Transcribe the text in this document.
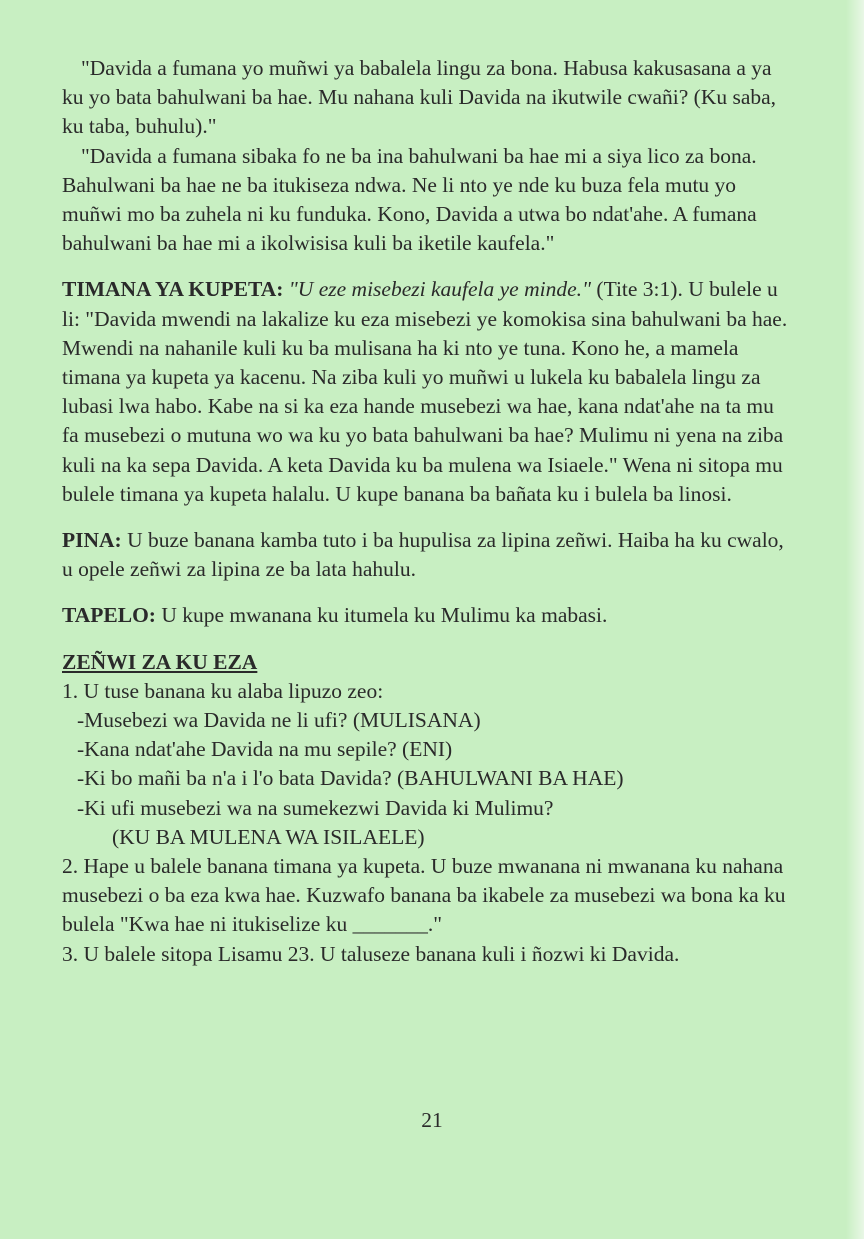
"Davida a fumana yo muñwi ya babalela lingu za bona. Habusa kakusasana a ya ku yo bata bahulwani ba hae. Mu nahana kuli Davida na ikutwile cwañi? (Ku saba, ku taba, buhulu)."

"Davida a fumana sibaka fo ne ba ina bahulwani ba hae mi a siya lico za bona. Bahulwani ba hae ne ba itukiseza ndwa. Ne li nto ye nde ku buza fela mutu yo muñwi mo ba zuhela ni ku funduka. Kono, Davida a utwa bo ndat'ahe. A fumana bahulwani ba hae mi a ikolwisisa kuli ba iketile kaufela."

TIMANA YA KUPETA: "U eze misebezi kaufela ye minde." (Tite 3:1). U bulele u li: "Davida mwendi na lakalize ku eza misebezi ye komokisa sina bahulwani ba hae. Mwendi na nahanile kuli ku ba mulisana ha ki nto ye tuna. Kono he, a mamela timana ya kupeta ya kacenu. Na ziba kuli yo muñwi u lukela ku babalela lingu za lubasi lwa habo. Kabe na si ka eza hande musebezi wa hae, kana ndat'ahe na ta mu fa musebezi o mutuna wo wa ku yo bata bahulwani ba hae? Mulimu ni yena na ziba kuli na ka sepa Davida. A keta Davida ku ba mulena wa Isiaele." Wena ni sitopa mu bulele timana ya kupeta halalu. U kupe banana ba bañata ku i bulela ba linosi.

PINA: U buze banana kamba tuto i ba hupulisa za lipina zeñwi. Haiba ha ku cwalo, u opele zeñwi za lipina ze ba lata hahulu.

TAPELO: U kupe mwanana ku itumela ku Mulimu ka mabasi.

ZEÑWI ZA KU EZA

1. U tuse banana ku alaba lipuzo zeo:

-Musebezi wa Davida ne li ufi? (MULISANA)

-Kana ndat'ahe Davida na mu sepile? (ENI)

-Ki bo mañi ba n'a i l'o bata Davida? (BAHULWANI BA HAE)

-Ki ufi musebezi wa na sumekezwi Davida ki Mulimu?

(KU BA MULENA WA ISILAELE)

2. Hape u balele banana timana ya kupeta. U buze mwanana ni mwanana ku nahana musebezi o ba eza kwa hae. Kuzwafo banana ba ikabele za musebezi wa bona ka ku bulela "Kwa hae ni itukiselize ku _______."

3. U balele sitopa Lisamu 23. U taluseze banana kuli i ñozwi ki Davida.

21
